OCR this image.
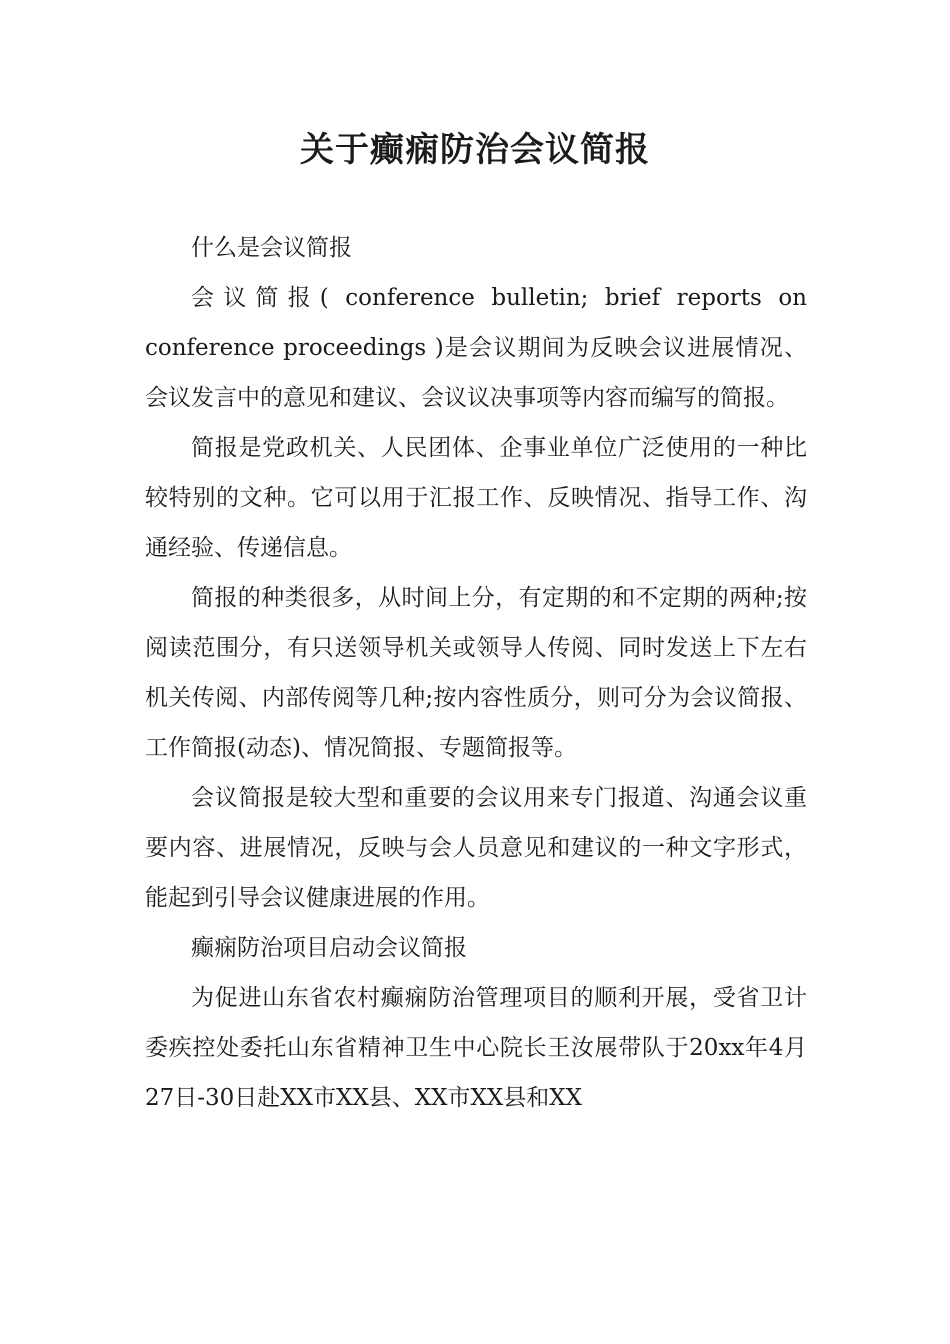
关于癫痫防治会议简报

什么是会议简报

会议简报( conference bulletin; brief reports on conference proceedings )是会议期间为反映会议进展情况、会议发言中的意见和建议、会议议决事项等内容而编写的简报。

简报是党政机关、人民团体、企事业单位广泛使用的一种比较特别的文种。它可以用于汇报工作、反映情况、指导工作、沟通经验、传递信息。

简报的种类很多，从时间上分，有定期的和不定期的两种;按阅读范围分，有只送领导机关或领导人传阅、同时发送上下左右机关传阅、内部传阅等几种;按内容性质分，则可分为会议简报、工作简报(动态)、情况简报、专题简报等。

会议简报是较大型和重要的会议用来专门报道、沟通会议重要内容、进展情况，反映与会人员意见和建议的一种文字形式，能起到引导会议健康进展的作用。

癫痫防治项目启动会议简报

为促进山东省农村癫痫防治管理项目的顺利开展，受省卫计委疾控处委托山东省精神卫生中心院长王汝展带队于20xx年4月27日-30日赴XX市XX县、XX市XX县和XX
